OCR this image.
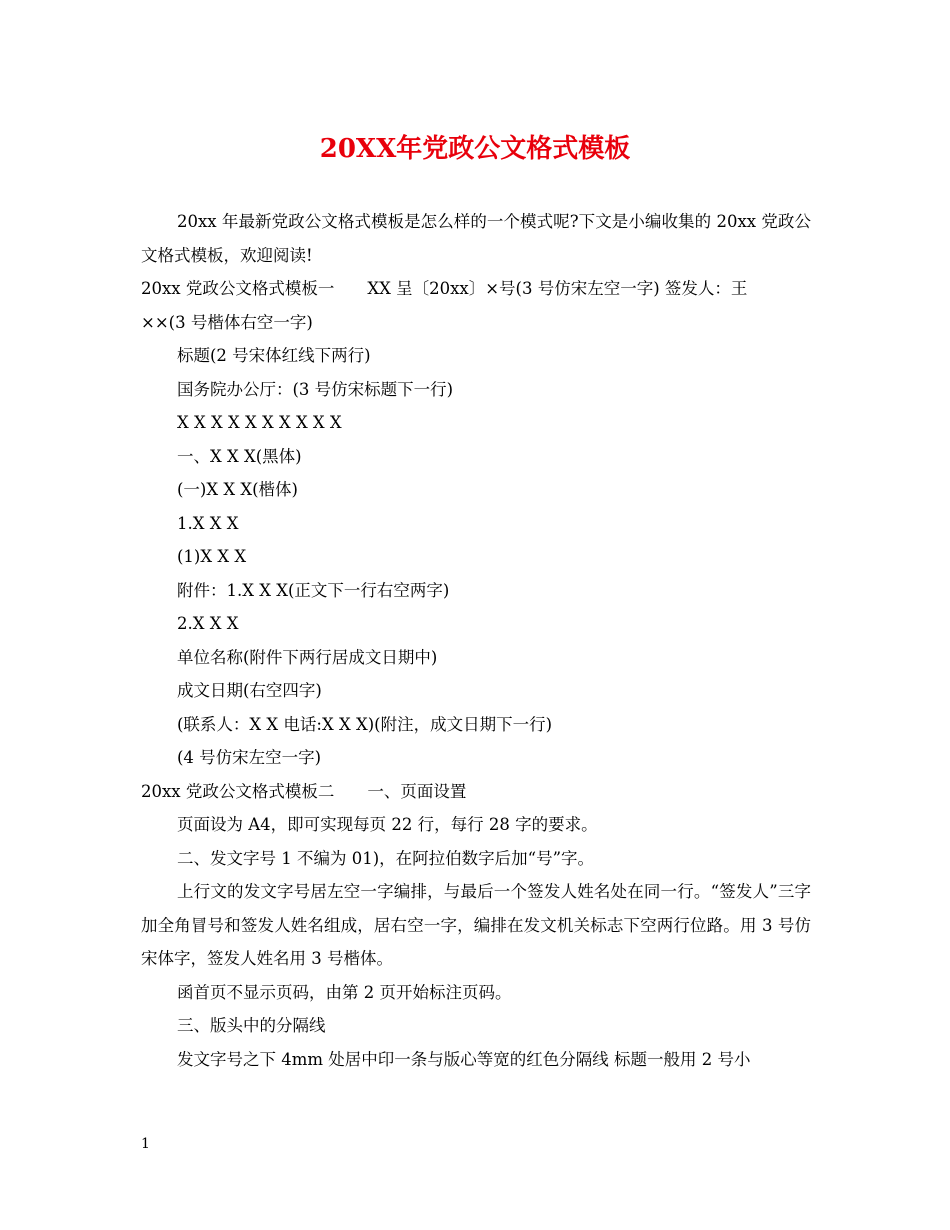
20XX年党政公文格式模板

20xx 年最新党政公文格式模板是怎么样的一个模式呢?下文是小编收集的 20xx 党政公文格式模板，欢迎阅读!

20xx 党政公文格式模板一　　XX 呈〔20xx〕×号(3 号仿宋左空一字) 签发人：王

××(3 号楷体右空一字)

标题(2 号宋体红线下两行)

国务院办公厅：(3 号仿宋标题下一行)

X X X X X X X X X X

一、X X X(黑体)

(一)X X X(楷体)

1.X X X

(1)X X X

附件：1.X X X(正文下一行右空两字)

2.X X X

单位名称(附件下两行居成文日期中)

成文日期(右空四字)

(联系人：X X 电话:X X X)(附注，成文日期下一行)

(4 号仿宋左空一字)

20xx 党政公文格式模板二　　一、页面设置

页面设为 A4，即可实现每页 22 行，每行 28 字的要求。

二、发文字号 1 不编为 01)，在阿拉伯数字后加“号”字。

上行文的发文字号居左空一字编排，与最后一个签发人姓名处在同一行。“签发人”三字加全角冒号和签发人姓名组成，居右空一字，编排在发文机关标志下空两行位路。用 3 号仿宋体字，签发人姓名用 3 号楷体。

函首页不显示页码，由第 2 页开始标注页码。

三、版头中的分隔线

发文字号之下 4mm 处居中印一条与版心等宽的红色分隔线 标题一般用 2 号小

1
